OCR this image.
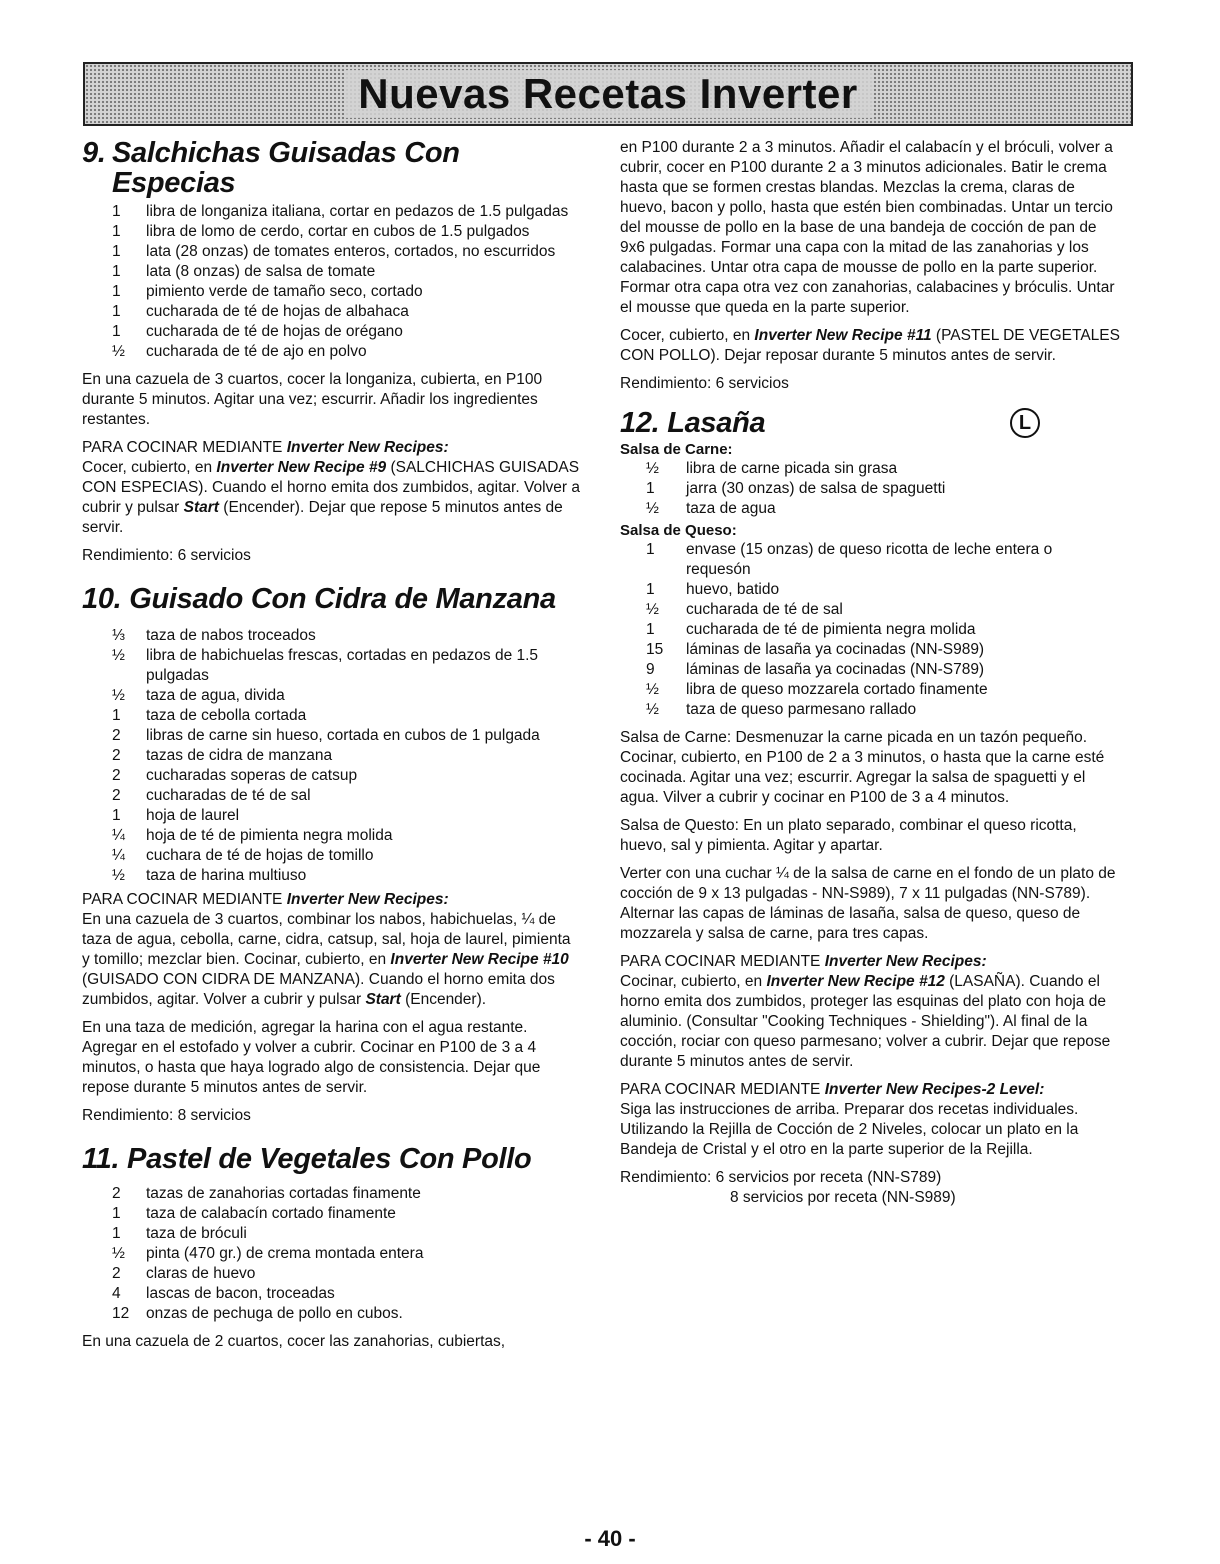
Nuevas Recetas Inverter
9. Salchichas Guisadas Con Especias
1	libra de longaniza italiana, cortar en pedazos de 1.5 pulgadas
1	libra de lomo de cerdo, cortar en cubos de 1.5 pulgados
1	lata (28 onzas) de tomates enteros, cortados, no escurridos
1	lata (8 onzas) de salsa de tomate
1	pimiento verde de tamaño seco, cortado
1	cucharada de té de hojas de albahaca
1	cucharada de té de hojas de orégano
½	cucharada de té de ajo en polvo

En una cazuela de 3 cuartos, cocer la longaniza, cubierta, en P100 durante 5 minutos. Agitar una vez; escurrir. Añadir los ingredientes restantes.

PARA COCINAR MEDIANTE Inverter New Recipes:
Cocer, cubierto, en Inverter New Recipe #9 (SALCHICHAS GUISADAS CON ESPECIAS). Cuando el horno emita dos zumbidos, agitar. Volver a cubrir y pulsar Start (Encender). Dejar que repose 5 minutos antes de servir.

Rendimiento: 6 servicios

10. Guisado Con Cidra de Manzana
⅓	taza de nabos troceados
½	libra de habichuelas frescas, cortadas en pedazos de 1.5 pulgadas
½	taza de agua, divida
1	taza de cebolla cortada
2	libras de carne sin hueso, cortada en cubos de 1 pulgada
2	tazas de cidra de manzana
2	cucharadas soperas de catsup
2	cucharadas de té de sal
1	hoja de laurel
¼	hoja de té de pimienta negra molida
¼	cuchara de té de hojas de tomillo
½	taza de harina multiuso

PARA COCINAR MEDIANTE Inverter New Recipes:
En una cazuela de 3 cuartos, combinar los nabos, habichuelas, ¼ de taza de agua, cebolla, carne, cidra, catsup, sal, hoja de laurel, pimienta y tomillo; mezclar bien. Cocinar, cubierto, en Inverter New Recipe #10 (GUISADO CON CIDRA DE MANZANA). Cuando el horno emita dos zumbidos, agitar. Volver a cubrir y pulsar Start (Encender).

En una taza de medición, agregar la harina con el agua restante. Agregar en el estofado y volver a cubrir. Cocinar en P100 de 3 a 4 minutos, o hasta que haya logrado algo de consistencia. Dejar que repose durante 5 minutos antes de servir.

Rendimiento: 8 servicios

11. Pastel de Vegetales Con Pollo
2	tazas de zanahorias cortadas finamente
1	taza de calabacín cortado finamente
1	taza de bróculi
½	pinta (470 gr.) de crema montada entera
2	claras de huevo
4	lascas de bacon, troceadas
12	onzas de pechuga de pollo en cubos.

En una cazuela de 2 cuartos, cocer las zanahorias, cubiertas,

en P100 durante 2 a 3 minutos. Añadir el calabacín y el bróculi, volver a cubrir, cocer en P100 durante 2 a 3 minutos adicionales. Batir le crema hasta que se formen crestas blandas. Mezclas la crema, claras de huevo, bacon y pollo, hasta que estén bien combinadas. Untar un tercio del mousse de pollo en la base de una bandeja de cocción de pan de 9x6 pulgadas. Formar una capa con la mitad de las zanahorias y los calabacines. Untar otra capa de mousse de pollo en la parte superior. Formar otra capa otra vez con zanahorias, calabacines y bróculis. Untar el mousse que queda en la parte superior.

Cocer, cubierto, en Inverter New Recipe #11 (PASTEL DE VEGETALES CON POLLO). Dejar reposar durante 5 minutos antes de servir.

Rendimiento: 6 servicios

12. Lasaña	L
Salsa de Carne:
½	libra de carne picada sin grasa
1	jarra (30 onzas) de salsa de spaguetti
½	taza de agua
Salsa de Queso:
1	envase (15 onzas) de queso ricotta de leche entera o requesón
1	huevo, batido
½	cucharada de té de sal
1	cucharada de té de pimienta negra molida
15	láminas de lasaña ya cocinadas (NN-S989)
9	láminas de lasaña ya cocinadas (NN-S789)
½	libra de queso mozzarela cortado finamente
½	taza de queso parmesano rallado

Salsa de Carne: Desmenuzar la carne picada en un tazón pequeño. Cocinar, cubierto, en P100 de 2 a 3 minutos, o hasta que la carne esté cocinada. Agitar una vez; escurrir. Agregar la salsa de spaguetti y el agua. Vilver a cubrir y cocinar en P100 de 3 a 4 minutos.

Salsa de Questo: En un plato separado, combinar el queso ricotta, huevo, sal y pimienta. Agitar y apartar.

Verter con una cuchar ¼ de la salsa de carne en el fondo de un plato de cocción de 9 x 13 pulgadas - NN-S989), 7 x 11 pulgadas (NN-S789). Alternar las capas de láminas de lasaña, salsa de queso, queso de mozzarela y salsa de carne, para tres capas.

PARA COCINAR MEDIANTE Inverter New Recipes:
Cocinar, cubierto, en Inverter New Recipe #12 (LASAÑA). Cuando el horno emita dos zumbidos, proteger las esquinas del plato con hoja de aluminio. (Consultar "Cooking Techniques - Shielding"). Al final de la cocción, rociar con queso parmesano; volver a cubrir. Dejar que repose durante 5 minutos antes de servir.

PARA COCINAR MEDIANTE Inverter New Recipes-2 Level:
Siga las instrucciones de arriba. Preparar dos recetas individuales. Utilizando la Rejilla de Cocción de 2 Niveles, colocar un plato en la Bandeja de Cristal y el otro en la parte superior de la Rejilla.

Rendimiento: 6 servicios por receta (NN-S789)

8 servicios por receta (NN-S989)

- 40 -
